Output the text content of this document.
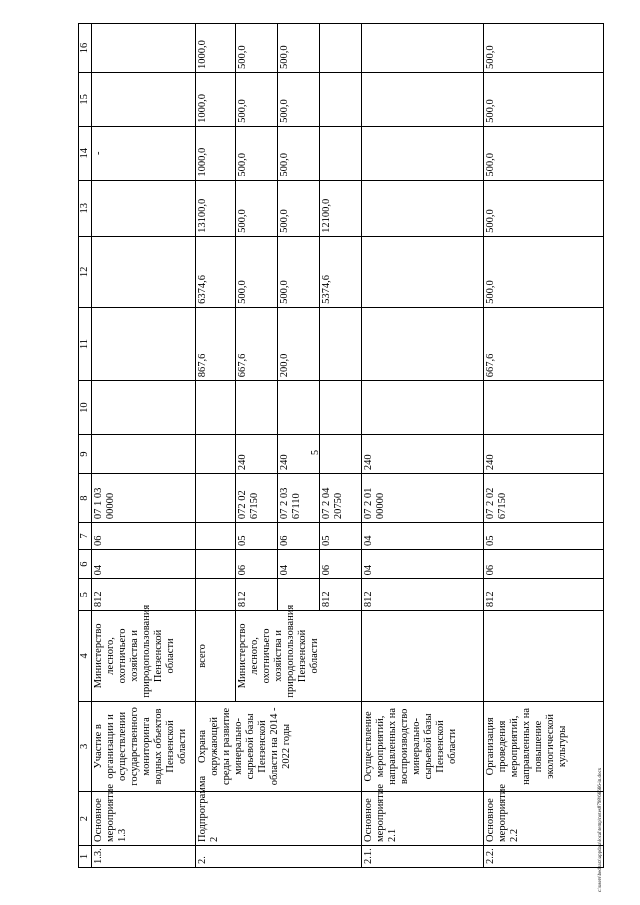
5
1	2	3	4	5	6	7	8	9	10	11	12	13	14	15	16
1.3.	Основное мероприятие 1.3	Участие в организации и осуществлении государственного мониторинга водных объектов Пензенской области	Министерство лесного, охотничьего хозяйства и природопользования Пензенской области	812	04	06	07 1 03 00000						-		
2.	Подпрограмма 2	Охрана окружающей среды и развитие минерально-сырьевой базы Пензенской области на 2014 - 2022 годы	всего							867,6	6374,6	13100,0	1000,0	1000,0	1000,0
			Министерство лесного, охотничьего хозяйства и природопользования Пензенской области	812	06	05	072 02 67150	240		667,6	500,0	500,0	500,0	500,0	500,0
					04	06	07 2 03 67110	240		200,0	500,0	500,0	500,0	500,0	500,0
				812	06	05	07 2 04 20750				5374,6	12100,0			
2.1.	Основное мероприятие 2.1	Осуществление мероприятий, направленных на воспроизводство минерально-сырьевой базы Пензенской области		812	04	04	07 2 01 00000	240							
2.2.	Основное мероприятие 2.2	Организация проведения мероприятий, направленных на повышение экологической культуры		812	06	05	07 2 02 67150	240		667,6	500,0	500,0	500,0	500,0	500,0
c:\users\bednarz\appdata\local\temp\notes8798\66666-in.docx
